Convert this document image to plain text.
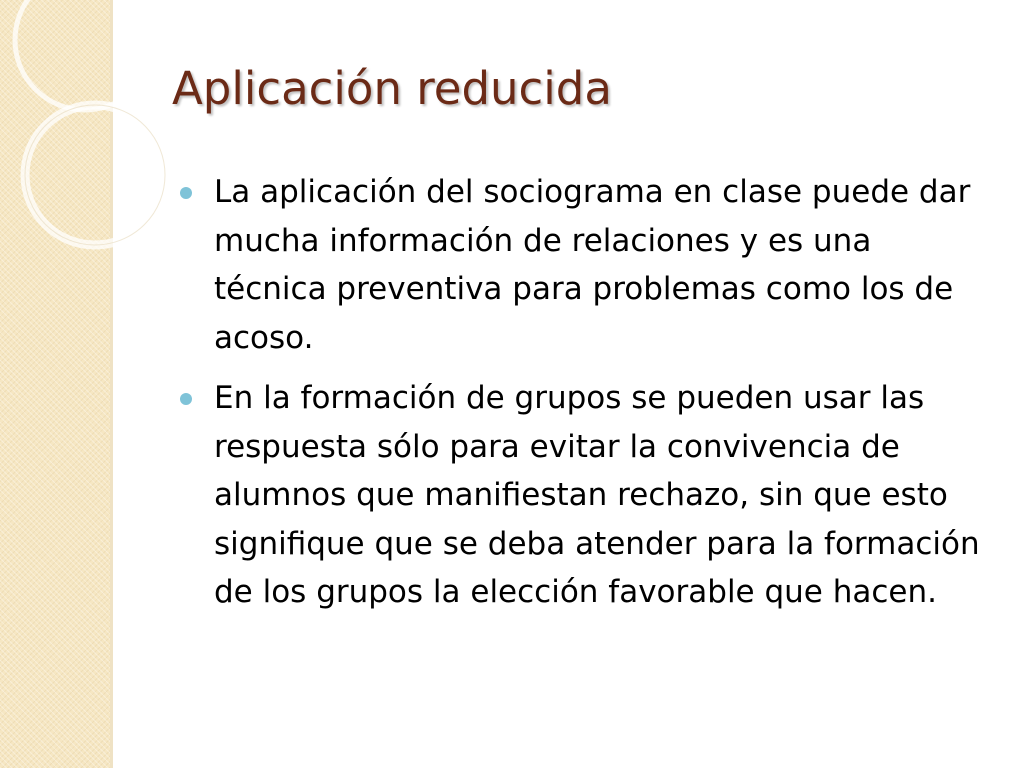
Aplicación reducida
La aplicación del sociograma en clase puede dar mucha información de relaciones y es una técnica preventiva para problemas como los de acoso.
En la formación de grupos se pueden usar las respuesta sólo para evitar la convivencia de alumnos que manifiestan rechazo, sin que esto signifique que se deba atender para la formación de los grupos la elección favorable que hacen.
